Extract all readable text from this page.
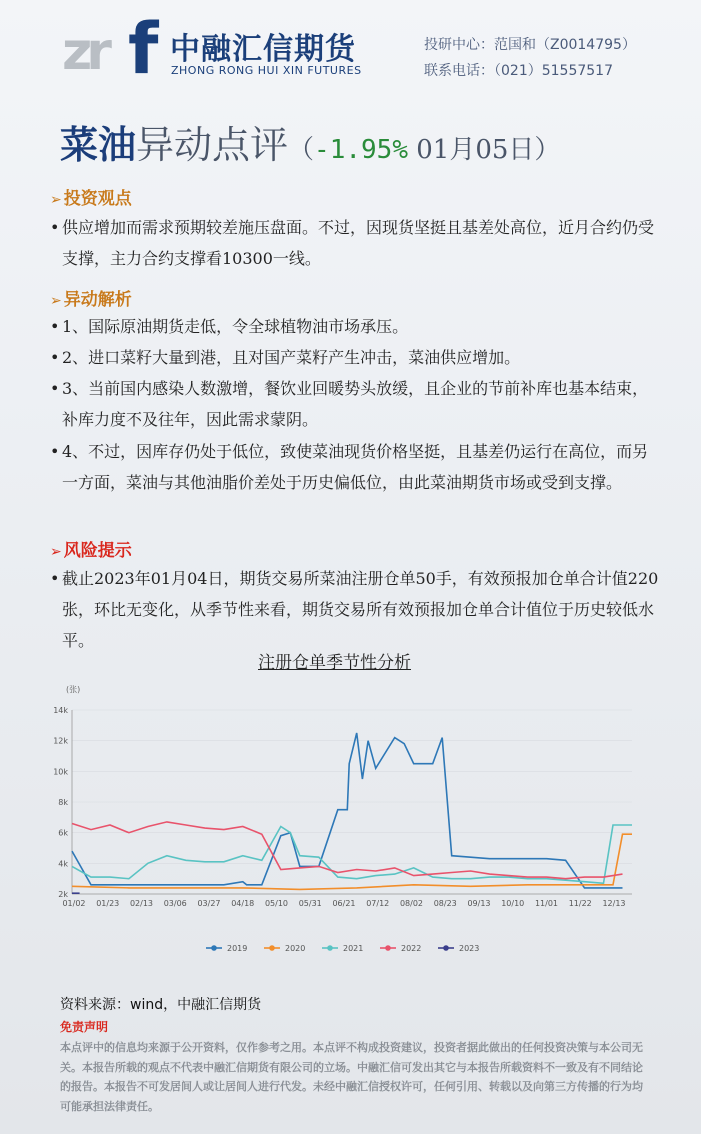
zr f 中融汇信期货
ZHONG RONG HUI XIN FUTURES
投研中心：范国和（Z0014795）
联系电话：（021）51557517
菜油异动点评（-1.95% 01月05日）
➢ 投资观点
• 供应增加而需求预期较差施压盘面。不过，因现货坚挺且基差处高位，近月合约仍受支撑，主力合约支撑看10300一线。
➢ 异动解析
• 1、国际原油期货走低，令全球植物油市场承压。
• 2、进口菜籽大量到港，且对国产菜籽产生冲击，菜油供应增加。
• 3、当前国内感染人数激增，餐饮业回暖势头放缓，且企业的节前补库也基本结束，补库力度不及往年，因此需求蒙阴。
• 4、不过，因库存仍处于低位，致使菜油现货价格坚挺，且基差仍运行在高位，而另一方面，菜油与其他油脂价差处于历史偏低位，由此菜油期货市场或受到支撑。
➢ 风险提示
• 截止2023年01月04日，期货交易所菜油注册仓单50手，有效预报加仓单合计值220张，环比无变化，从季节性来看，期货交易所有效预报加仓单合计值位于历史较低水平。
注册仓单季节性分析
(张)
2k
4k
6k
8k
10k
12k
14k
01/02 01/23 02/13 03/06 03/27 04/18 05/10 05/31 06/21 07/12 08/02 08/23 09/13 10/10 11/01 11/22 12/13
2019	2020	2021	2022	2023
资料来源：wind，中融汇信期货
免责声明
本点评中的信息均来源于公开资料，仅作参考之用。本点评不构成投资建议，投资者据此做出的任何投资决策与本公司无关。本报告所载的观点不代表中融汇信期货有限公司的立场。中融汇信可发出其它与本报告所载资料不一致及有不同结论的报告。本报告不可发居间人或让居间人进行代发。未经中融汇信授权许可，任何引用、转载以及向第三方传播的行为均可能承担法律责任。
